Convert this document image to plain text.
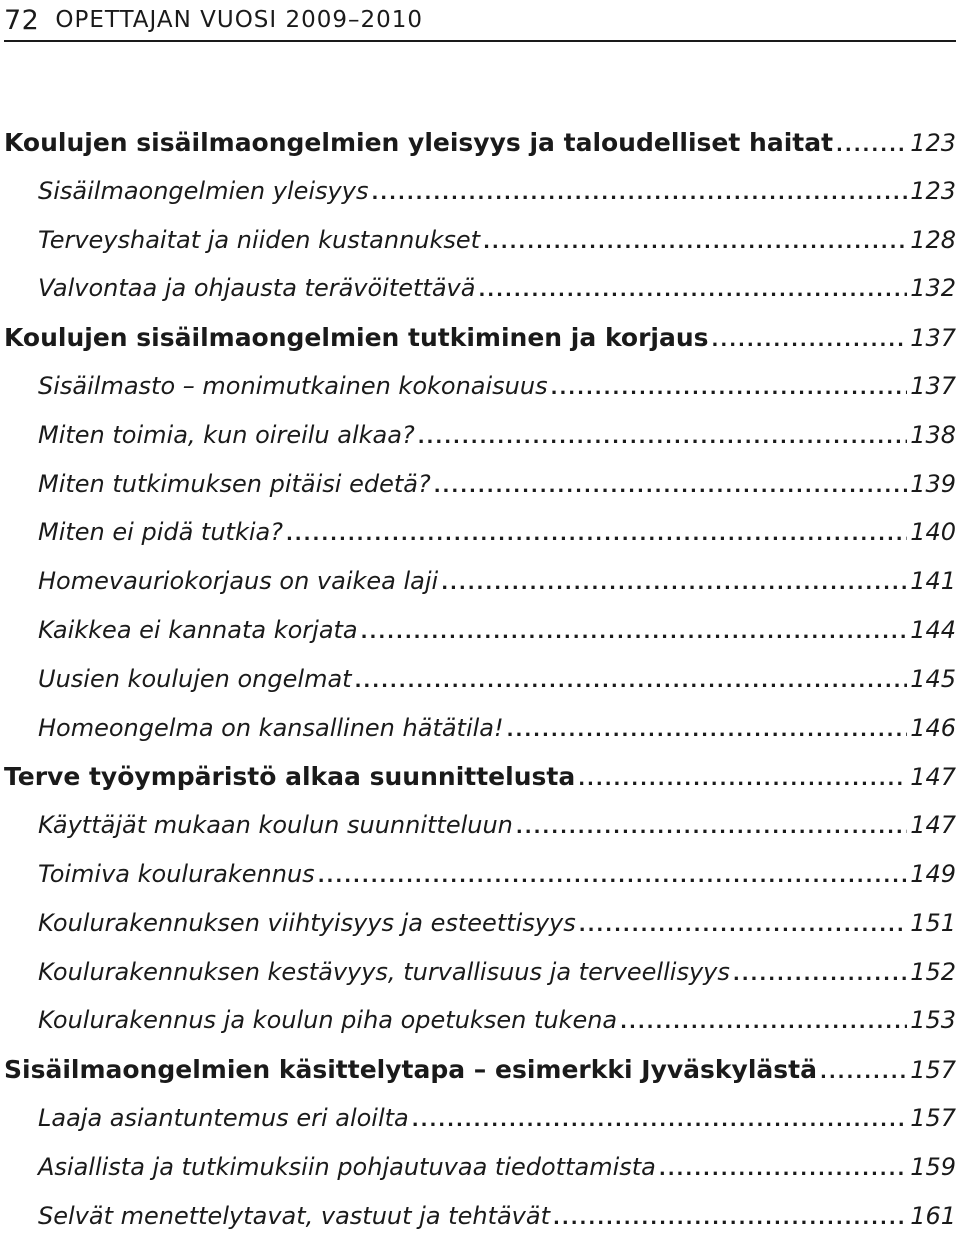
72 OPETTAJAN VUOSI 2009–2010
Koulujen sisäilmaongelmien yleisyys ja taloudelliset haitat .....	123
Sisäilmaongelmien yleisyys .....	123
Terveyshaitat ja niiden kustannukset .....	128
Valvontaa ja ohjausta terävöitettävä .....	132
Koulujen sisäilmaongelmien tutkiminen ja korjaus .....	137
Sisäilmasto – monimutkainen kokonaisuus .....	137
Miten toimia, kun oireilu alkaa? .....	138
Miten tutkimuksen pitäisi edetä? .....	139
Miten ei pidä tutkia? .....	140
Homevauriokorjaus on vaikea laji .....	141
Kaikkea ei kannata korjata .....	144
Uusien koulujen ongelmat .....	145
Homeongelma on kansallinen hätätila! .....	146
Terve työympäristö alkaa suunnittelusta .....	147
Käyttäjät mukaan koulun suunnitteluun .....	147
Toimiva koulurakennus .....	149
Koulurakennuksen viihtyisyys ja esteettisyys .....	151
Koulurakennuksen kestävyys, turvallisuus ja terveellisyys .....	152
Koulurakennus ja koulun piha opetuksen tukena .....	153
Sisäilmaongelmien käsittelytapa – esimerkki Jyväskylästä .....	157
Laaja asiantuntemus eri aloilta .....	157
Asiallista ja tutkimuksiin pohjautuvaa tiedottamista .....	159
Selvät menettelytavat, vastuut ja tehtävät .....	161
